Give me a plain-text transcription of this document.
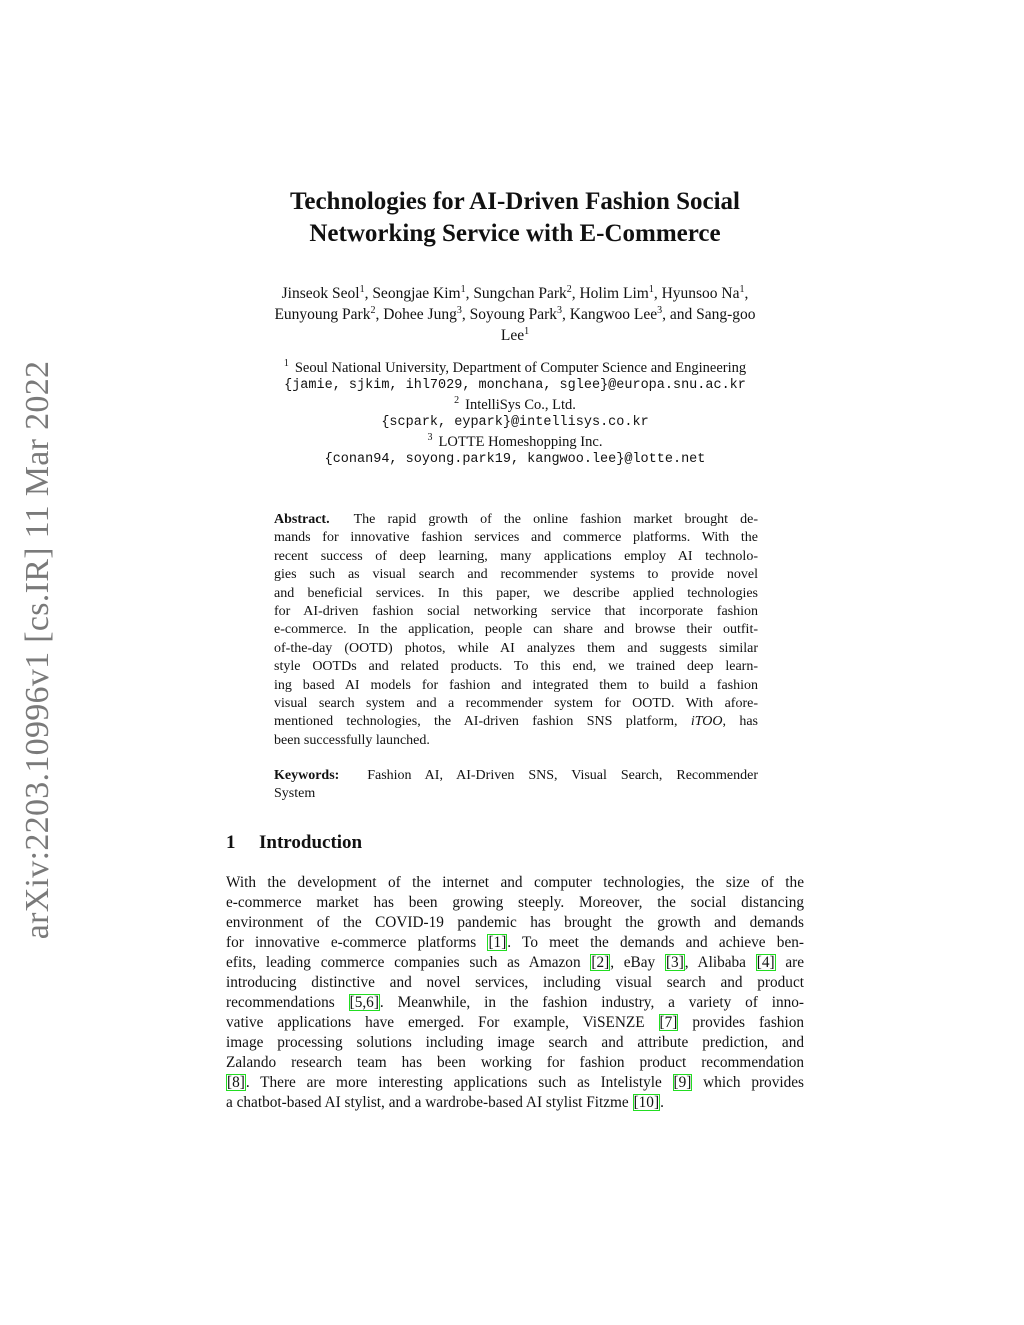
arXiv:2203.10996v1 [cs.IR] 11 Mar 2022
Technologies for AI-Driven Fashion Social
Networking Service with E-Commerce
Jinseok Seol$^1$, Seongjae Kim$^1$, Sungchan Park$^2$, Holim Lim$^1$, Hyunsoo Na$^1$,
Eunyoung Park$^2$, Dohee Jung$^3$, Soyoung Park$^3$, Kangwoo Lee$^3$, and Sang-goo
Lee$^1$
$^1$ Seoul National University, Department of Computer Science and Engineering
{jamie, sjkim, ihl7029, monchana, sglee}@europa.snu.ac.kr
$^2$ IntelliSys Co., Ltd.
{scpark, eypark}@intellisys.co.kr
$^3$ LOTTE Homeshopping Inc.
{conan94, soyong.park19, kangwoo.lee}@lotte.net
Abstract. The rapid growth of the online fashion market brought de-
mands for innovative fashion services and commerce platforms. With the
recent success of deep learning, many applications employ AI technolo-
gies such as visual search and recommender systems to provide novel
and beneficial services. In this paper, we describe applied technologies
for AI-driven fashion social networking service that incorporate fashion
e-commerce. In the application, people can share and browse their outfit-
of-the-day (OOTD) photos, while AI analyzes them and suggests similar
style OOTDs and related products. To this end, we trained deep learn-
ing based AI models for fashion and integrated them to build a fashion
visual search system and a recommender system for OOTD. With afore-
mentioned technologies, the AI-driven fashion SNS platform, iTOO, has
been successfully launched.
Keywords: Fashion AI, AI-Driven SNS, Visual Search, Recommender
System
1 Introduction
With the development of the internet and computer technologies, the size of the
e-commerce market has been growing steeply. Moreover, the social distancing
environment of the COVID-19 pandemic has brought the growth and demands
for innovative e-commerce platforms [1]. To meet the demands and achieve ben-
efits, leading commerce companies such as Amazon [2], eBay [3], Alibaba [4] are
introducing distinctive and novel services, including visual search and product
recommendations [5,6]. Meanwhile, in the fashion industry, a variety of inno-
vative applications have emerged. For example, ViSENZE [7] provides fashion
image processing solutions including image search and attribute prediction, and
Zalando research team has been working for fashion product recommendation
[8]. There are more interesting applications such as Intelistyle [9] which provides
a chatbot-based AI stylist, and a wardrobe-based AI stylist Fitzme [10].
